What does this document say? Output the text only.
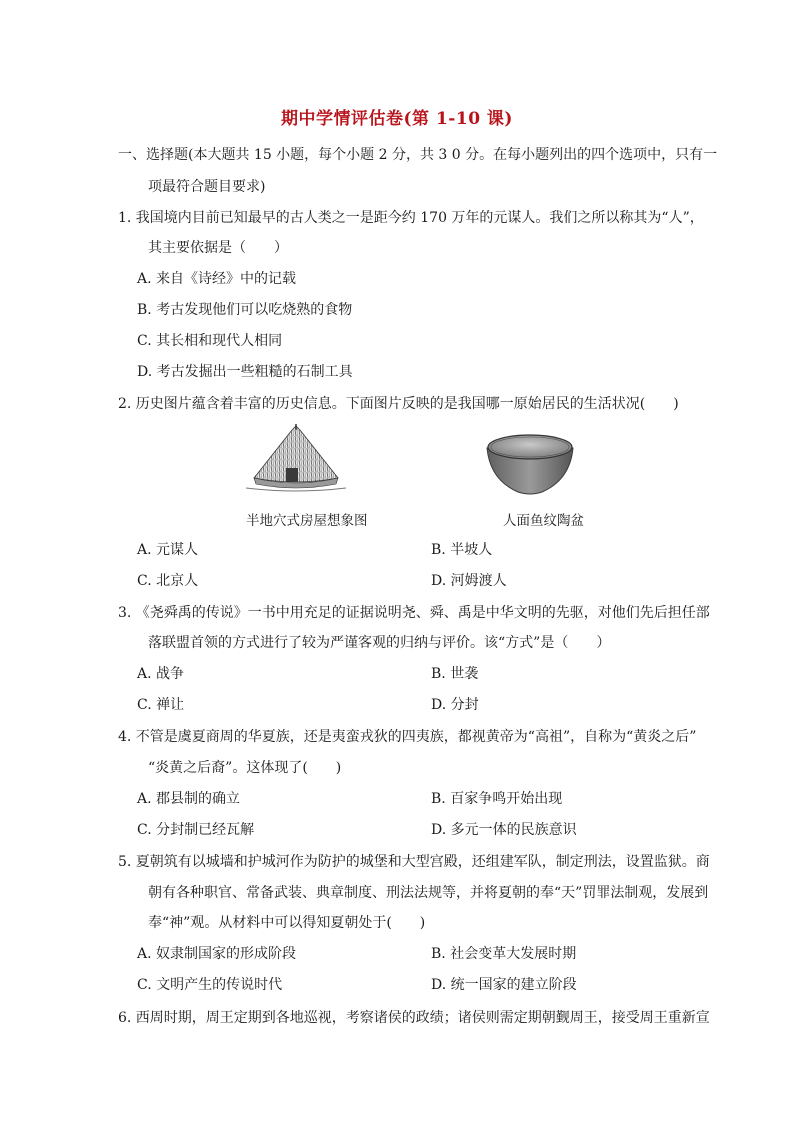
期中学情评估卷(第 1-10 课)
一、选择题(本大题共 15 小题，每个小题 2 分，共 3 0 分。在每小题列出的四个选项中，只有一
项最符合题目要求)
1. 我国境内目前已知最早的古人类之一是距今约 170 万年的元谋人。我们之所以称其为“人”，
其主要依据是（　　）
A. 来自《诗经》中的记载
B. 考古发现他们可以吃烧熟的食物
C. 其长相和现代人相同
D. 考古发掘出一些粗糙的石制工具
2. 历史图片蕴含着丰富的历史信息。下面图片反映的是我国哪一原始居民的生活状况(　　)
半地穴式房屋想象图	人面鱼纹陶盆
A. 元谋人	B. 半坡人
C. 北京人	D. 河姆渡人
3. 《尧舜禹的传说》一书中用充足的证据说明尧、舜、禹是中华文明的先驱，对他们先后担任部
落联盟首领的方式进行了较为严谨客观的归纳与评价。该“方式”是（　　）
A. 战争	B. 世袭
C. 禅让	D. 分封
4. 不管是虞夏商周的华夏族，还是夷蛮戎狄的四夷族，都视黄帝为“高祖”，自称为“黄炎之后”
“炎黄之后裔”。这体现了(　　)
A. 郡县制的确立	B. 百家争鸣开始出现
C. 分封制已经瓦解	D. 多元一体的民族意识
5. 夏朝筑有以城墙和护城河作为防护的城堡和大型宫殿，还组建军队，制定刑法，设置监狱。商
朝有各种职官、常备武装、典章制度、刑法法规等，并将夏朝的奉“天”罚罪法制观，发展到
奉“神”观。从材料中可以得知夏朝处于(　　)
A. 奴隶制国家的形成阶段	B. 社会变革大发展时期
C. 文明产生的传说时代	D. 统一国家的建立阶段
6. 西周时期，周王定期到各地巡视，考察诸侯的政绩；诸侯则需定期朝觐周王，接受周王重新宣
